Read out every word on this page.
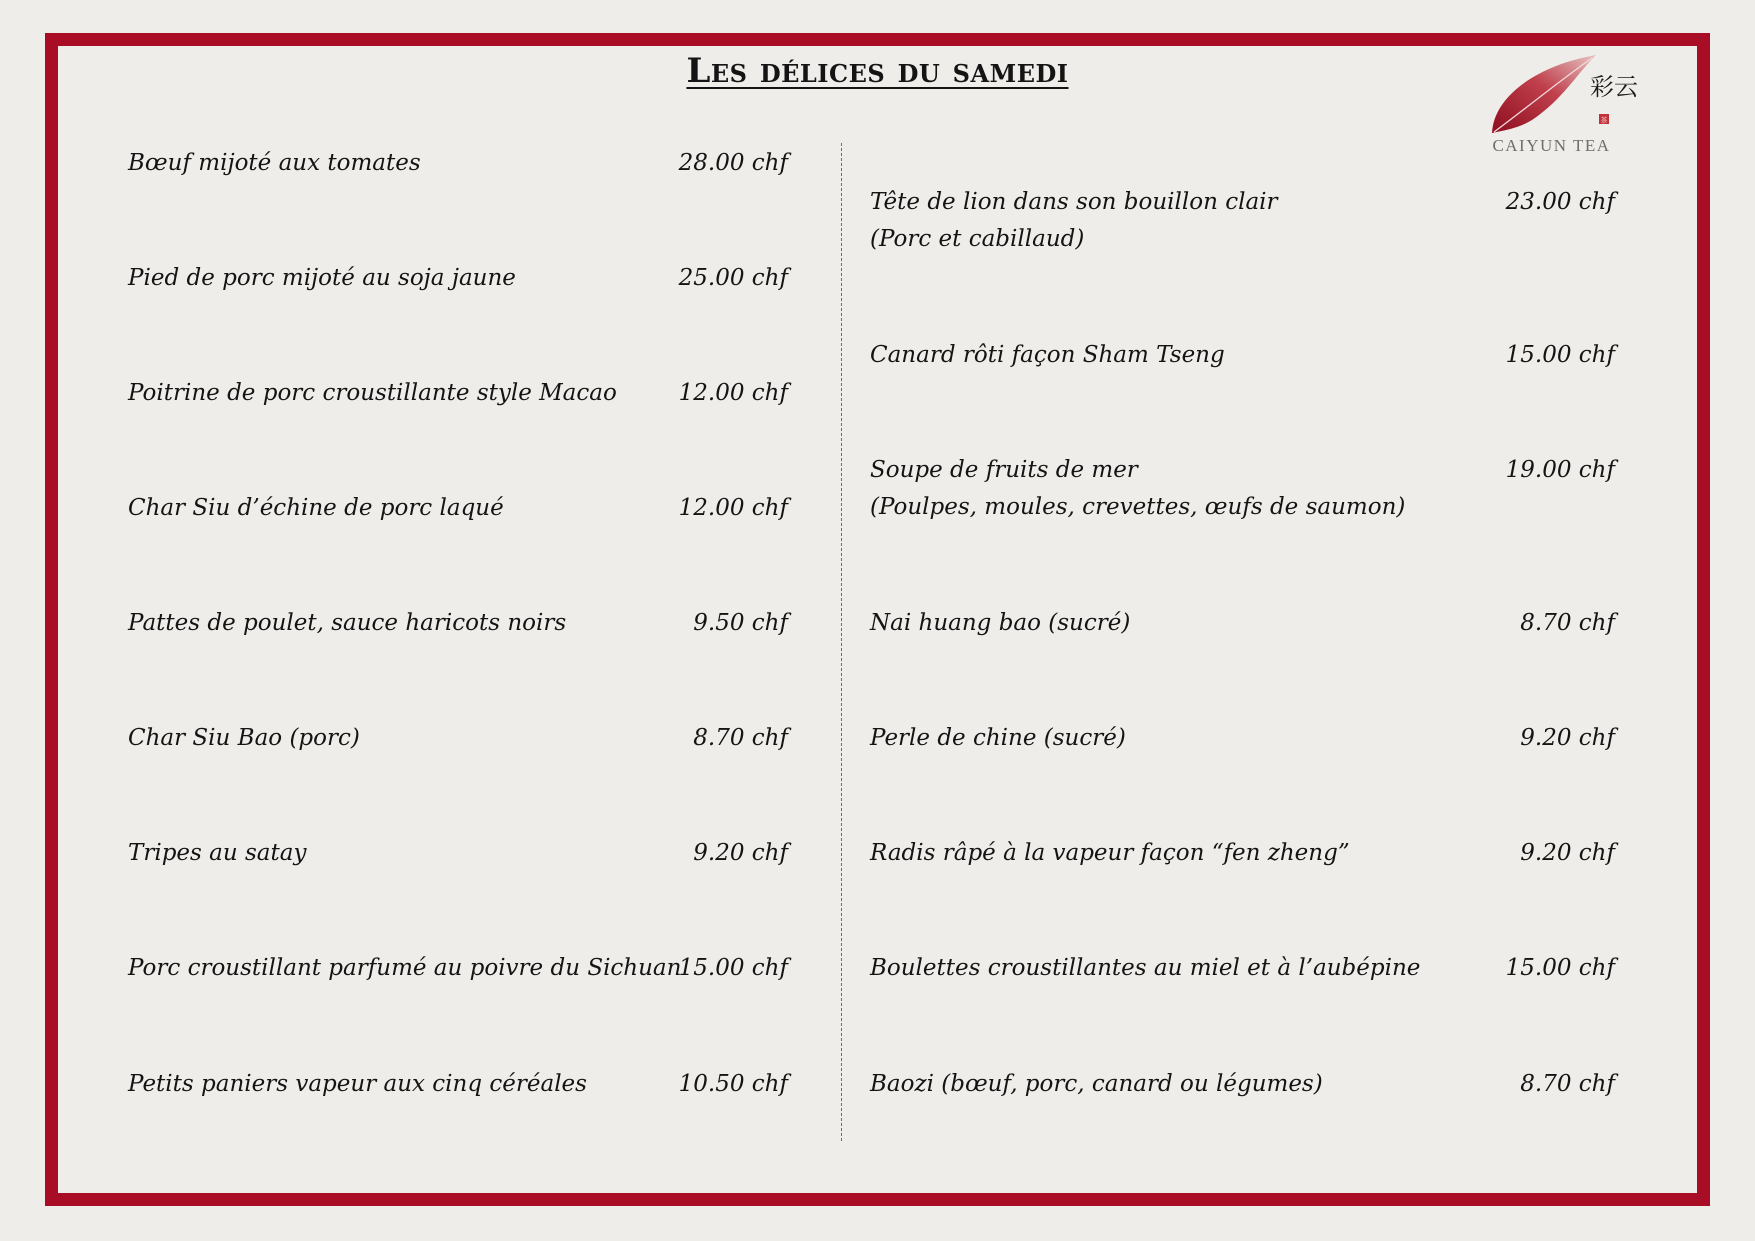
Les délices du samedi	彩云
茶
CAIYUN TEA
Bœuf mijoté aux tomates	28.00 chf
Pied de porc mijoté au soja jaune	25.00 chf
Poitrine de porc croustillante style Macao	12.00 chf
Char Siu d’échine de porc laqué	12.00 chf
Pattes de poulet, sauce haricots noirs	9.50 chf
Char Siu Bao (porc)	8.70 chf
Tripes au satay	9.20 chf
Porc croustillant parfumé au poivre du Sichuan
15.00 chf
Petits paniers vapeur aux cinq céréales	10.50 chf
Tête de lion dans son bouillon clair
(Porc et cabillaud)
23.00 chf
Canard rôti façon Sham Tseng	15.00 chf
Soupe de fruits de mer
(Poulpes, moules, crevettes, œufs de saumon)
19.00 chf
Nai huang bao (sucré)	8.70 chf
Perle de chine (sucré)	9.20 chf
Radis râpé à la vapeur façon “fen zheng”	9.20 chf
Boulettes croustillantes au miel et à l’aubépine	15.00 chf
Baozi (bœuf, porc, canard ou légumes)	8.70 chf
